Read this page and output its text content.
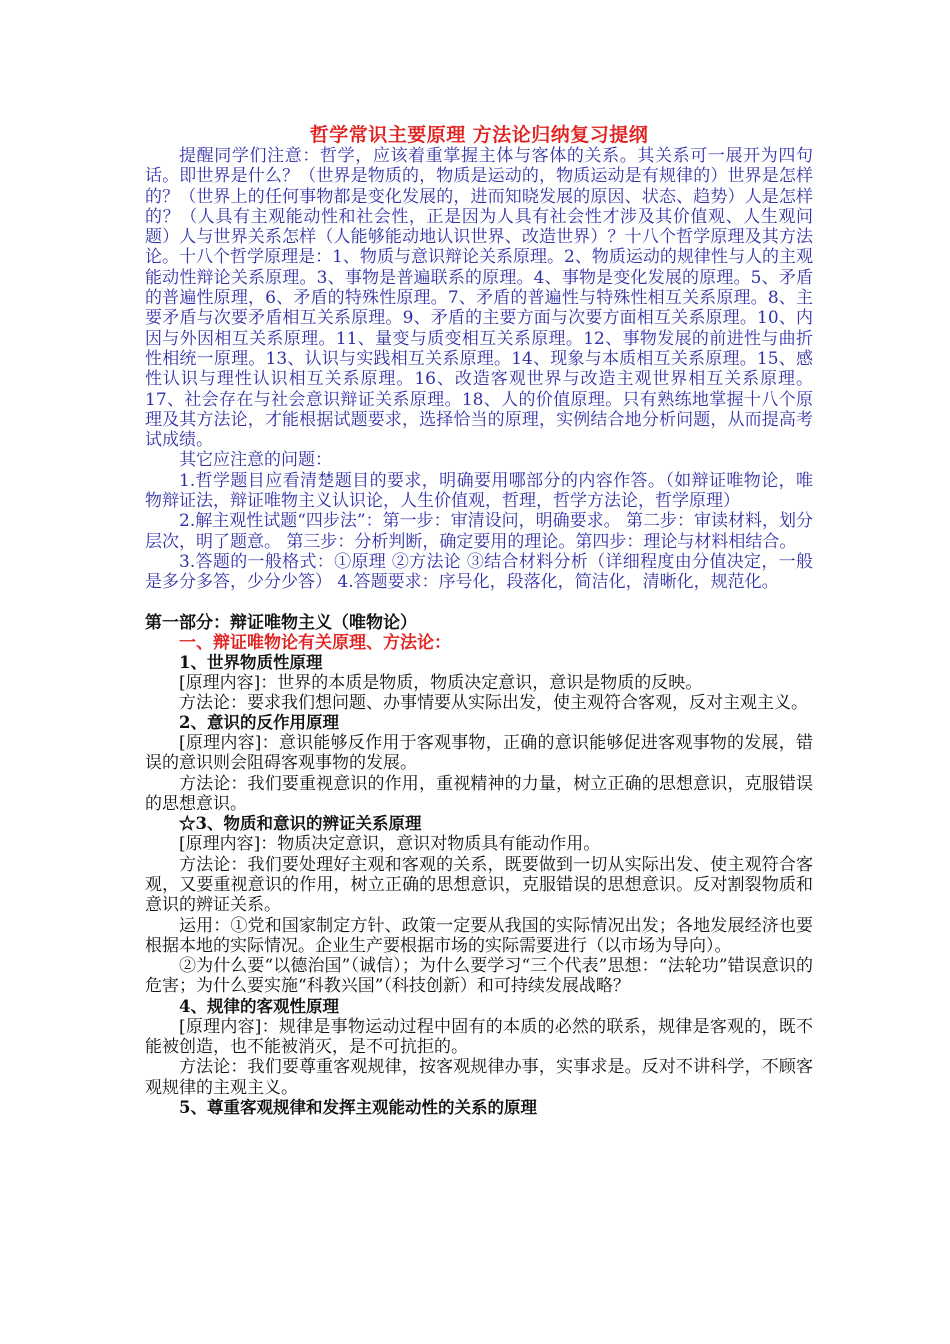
哲学常识主要原理 方法论归纳复习提纲

提醒同学们注意：哲学，应该着重掌握主体与客体的关系。其关系可一展开为四句话。即世界是什么？（世界是物质的，物质是运动的，物质运动是有规律的）世界是怎样的？（世界上的任何事物都是变化发展的，进而知晓发展的原因、状态、趋势）人是怎样的？（人具有主观能动性和社会性，正是因为人具有社会性才涉及其价值观、人生观问题）人与世界关系怎样（人能够能动地认识世界、改造世界）？十八个哲学原理及其方法论。十八个哲学原理是：1、物质与意识辩论关系原理。2、物质运动的规律性与人的主观能动性辩论关系原理。3、事物是普遍联系的原理。4、事物是变化发展的原理。5、矛盾的普遍性原理，6、矛盾的特殊性原理。7、矛盾的普遍性与特殊性相互关系原理。8、主要矛盾与次要矛盾相互关系原理。9、矛盾的主要方面与次要方面相互关系原理。10、内因与外因相互关系原理。11、量变与质变相互关系原理。12、事物发展的前进性与曲折性相统一原理。13、认识与实践相互关系原理。14、现象与本质相互关系原理。15、感性认识与理性认识相互关系原理。16、改造客观世界与改造主观世界相互关系原理。17、社会存在与社会意识辩证关系原理。18、人的价值原理。只有熟练地掌握十八个原理及其方法论，才能根据试题要求，选择恰当的原理，实例结合地分析问题，从而提高考试成绩。

其它应注意的问题：

1.哲学题目应看清楚题目的要求，明确要用哪部分的内容作答。（如辩证唯物论，唯物辩证法，辩证唯物主义认识论，人生价值观，哲理，哲学方法论，哲学原理）

2.解主观性试题“四步法”：第一步：审清设问，明确要求。 第二步：审读材料，划分层次，明了题意。 第三步：分析判断，确定要用的理论。第四步：理论与材料相结合。

3.答题的一般格式：①原理 ②方法论 ③结合材料分析（详细程度由分值决定，一般是多分多答，少分少答） 4.答题要求：序号化，段落化，简洁化，清晰化，规范化。

第一部分：辩证唯物主义（唯物论）

一、辩证唯物论有关原理、方法论：

1、世界物质性原理

[原理内容]：世界的本质是物质，物质决定意识，意识是物质的反映。

方法论：要求我们想问题、办事情要从实际出发，使主观符合客观，反对主观主义。

2、意识的反作用原理

[原理内容]：意识能够反作用于客观事物，正确的意识能够促进客观事物的发展，错误的意识则会阻碍客观事物的发展。

方法论：我们要重视意识的作用，重视精神的力量，树立正确的思想意识，克服错误的思想意识。

☆3、物质和意识的辨证关系原理

[原理内容]：物质决定意识，意识对物质具有能动作用。

方法论：我们要处理好主观和客观的关系，既要做到一切从实际出发、使主观符合客观，又要重视意识的作用，树立正确的思想意识，克服错误的思想意识。反对割裂物质和意识的辨证关系。

运用：①党和国家制定方针、政策一定要从我国的实际情况出发；各地发展经济也要根据本地的实际情况。企业生产要根据市场的实际需要进行（以市场为导向）。

②为什么要“以德治国”（诚信）；为什么要学习“三个代表”思想：“法轮功”错误意识的危害；为什么要实施“科教兴国”（科技创新）和可持续发展战略？

4、规律的客观性原理

[原理内容]：规律是事物运动过程中固有的本质的必然的联系，规律是客观的，既不能被创造，也不能被消灭，是不可抗拒的。

方法论：我们要尊重客观规律，按客观规律办事，实事求是。反对不讲科学，不顾客观规律的主观主义。

5、尊重客观规律和发挥主观能动性的关系的原理
